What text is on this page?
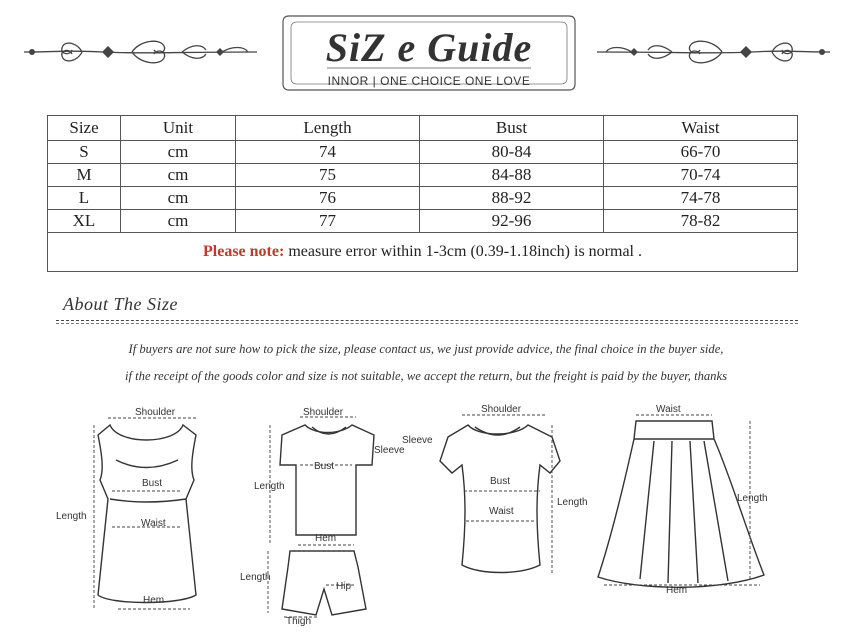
SiZ e Guide
INNOR | ONE CHOICE ONE LOVE
Size	Unit	Length	Bust	Waist
S	cm	74	80-84	66-70
M	cm	75	84-88	70-74
L	cm	76	88-92	74-78
XL	cm	77	92-96	78-82
Please note: measure error within 1-3cm (0.39-1.18inch) is normal .				
About The Size
If buyers are not sure how to pick the size, please contact us, we just provide advice, the final choice in the buyer side,
if the receipt of the goods color and size is not suitable, we accept the return, but the freight is paid by the buyer, thanks
Shoulder
Bust
Waist
Length
Hem
Shoulder
Sleeve
Bust
Length
Hem
Length
Hip
Thigh
Shoulder
Sleeve
Bust
Waist
Length
Waist
Length
Hem
